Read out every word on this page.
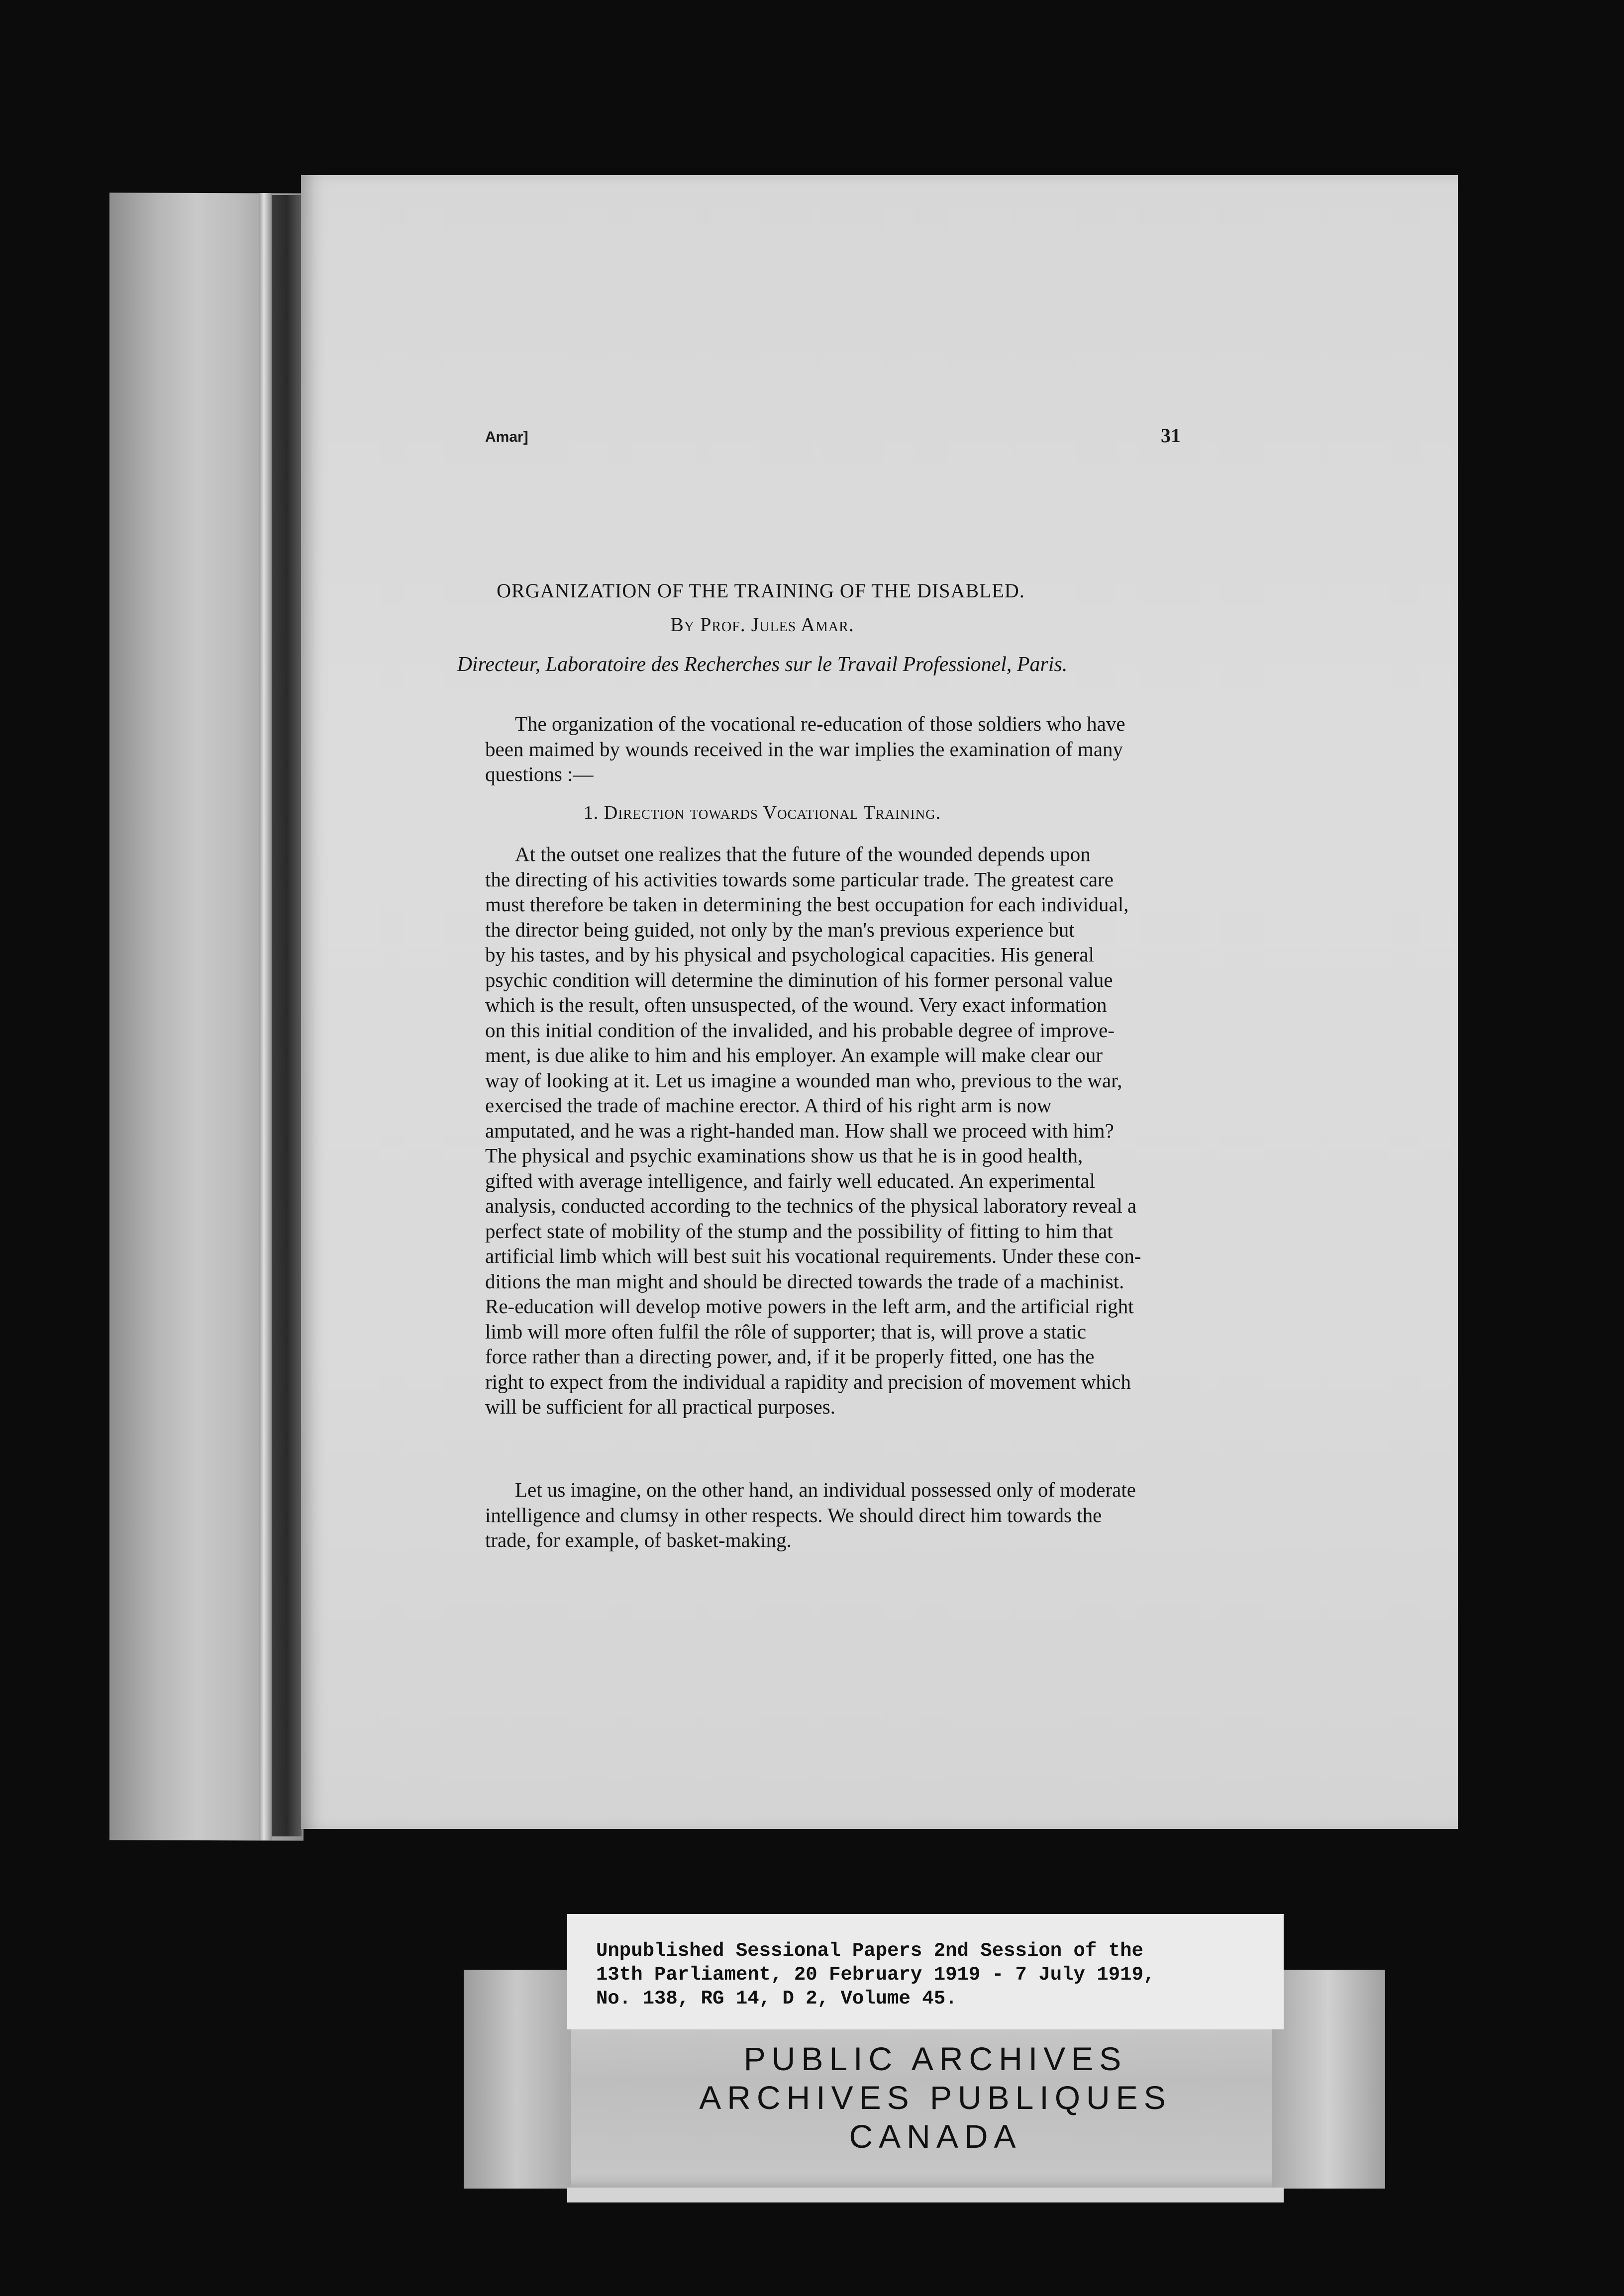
Amar]	31
ORGANIZATION OF THE TRAINING OF THE DISABLED.
By Prof. Jules Amar.
Directeur, Laboratoire des Recherches sur le Travail Professionel, Paris.
The organization of the vocational re-education of those soldiers who have
been maimed by wounds received in the war implies the examination of many
questions :—
1. Direction towards Vocational Training.
At the outset one realizes that the future of the wounded depends upon
the directing of his activities towards some particular trade. The greatest care
must therefore be taken in determining the best occupation for each individual,
the director being guided, not only by the man's previous experience but
by his tastes, and by his physical and psychological capacities. His general
psychic condition will determine the diminution of his former personal value
which is the result, often unsuspected, of the wound. Very exact information
on this initial condition of the invalided, and his probable degree of improve-
ment, is due alike to him and his employer. An example will make clear our
way of looking at it. Let us imagine a wounded man who, previous to the war,
exercised the trade of machine erector. A third of his right arm is now
amputated, and he was a right-handed man. How shall we proceed with him?
The physical and psychic examinations show us that he is in good health,
gifted with average intelligence, and fairly well educated. An experimental
analysis, conducted according to the technics of the physical laboratory reveal a
perfect state of mobility of the stump and the possibility of fitting to him that
artificial limb which will best suit his vocational requirements. Under these con-
ditions the man might and should be directed towards the trade of a machinist.
Re-education will develop motive powers in the left arm, and the artificial right
limb will more often fulfil the rôle of supporter; that is, will prove a static
force rather than a directing power, and, if it be properly fitted, one has the
right to expect from the individual a rapidity and precision of movement which
will be sufficient for all practical purposes.
Let us imagine, on the other hand, an individual possessed only of moderate
intelligence and clumsy in other respects. We should direct him towards the
trade, for example, of basket-making.
Unpublished Sessional Papers 2nd Session of the
13th Parliament, 20 February 1919 - 7 July 1919,
No. 138, RG 14, D 2, Volume 45.
PUBLIC ARCHIVES
ARCHIVES PUBLIQUES
CANADA
